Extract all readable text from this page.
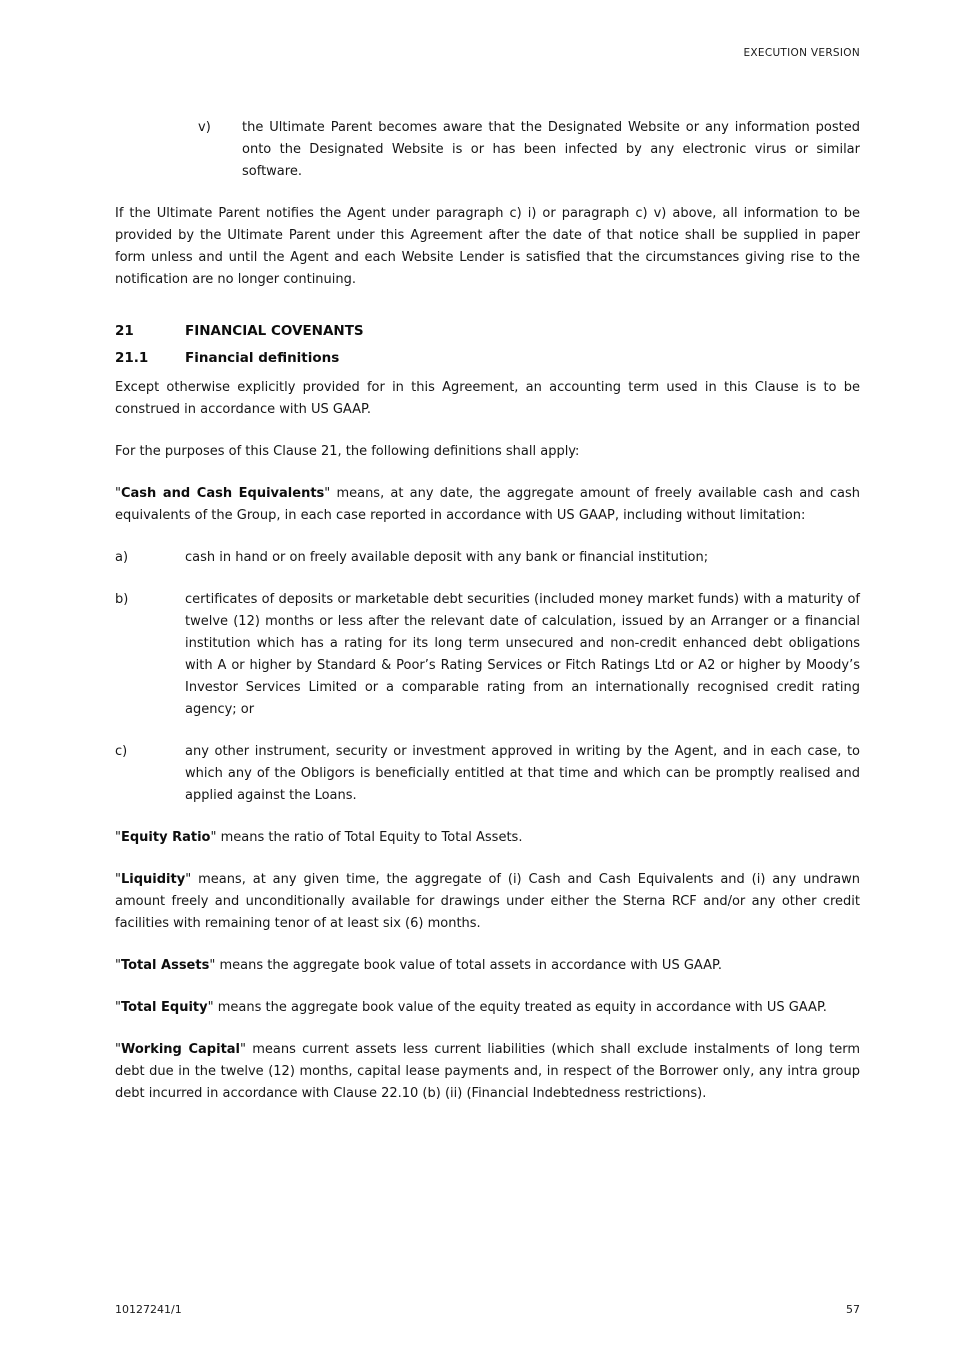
EXECUTION VERSION
v)	the Ultimate Parent becomes aware that the Designated Website or any information posted onto the Designated Website is or has been infected by any electronic virus or similar software.

If the Ultimate Parent notifies the Agent under paragraph c) i) or paragraph c) v) above, all information to be provided by the Ultimate Parent under this Agreement after the date of that notice shall be supplied in paper form unless and until the Agent and each Website Lender is satisfied that the circumstances giving rise to the notification are no longer continuing.

21	FINANCIAL COVENANTS
21.1	Financial definitions

Except otherwise explicitly provided for in this Agreement, an accounting term used in this Clause is to be construed in accordance with US GAAP.

For the purposes of this Clause 21, the following definitions shall apply:

"Cash and Cash Equivalents" means, at any date, the aggregate amount of freely available cash and cash equivalents of the Group, in each case reported in accordance with US GAAP, including without limitation:

a)	cash in hand or on freely available deposit with any bank or financial institution;
b)	certificates of deposits or marketable debt securities (included money market funds) with a maturity of twelve (12) months or less after the relevant date of calculation, issued by an Arranger or a financial institution which has a rating for its long term unsecured and non-credit enhanced debt obligations with A or higher by Standard & Poor’s Rating Services or Fitch Ratings Ltd or A2 or higher by Moody’s Investor Services Limited or a comparable rating from an internationally recognised credit rating agency; or
c)	any other instrument, security or investment approved in writing by the Agent, and in each case, to which any of the Obligors is beneficially entitled at that time and which can be promptly realised and applied against the Loans.

"Equity Ratio" means the ratio of Total Equity to Total Assets.

"Liquidity" means, at any given time, the aggregate of (i) Cash and Cash Equivalents and (i) any undrawn amount freely and unconditionally available for drawings under either the Sterna RCF and/or any other credit facilities with remaining tenor of at least six (6) months.

"Total Assets" means the aggregate book value of total assets in accordance with US GAAP.

"Total Equity" means the aggregate book value of the equity treated as equity in accordance with US GAAP.

"Working Capital" means current assets less current liabilities (which shall exclude instalments of long term debt due in the twelve (12) months, capital lease payments and, in respect of the Borrower only, any intra group debt incurred in accordance with Clause 22.10 (b) (ii) (Financial Indebtedness restrictions).

10127241/1	57
